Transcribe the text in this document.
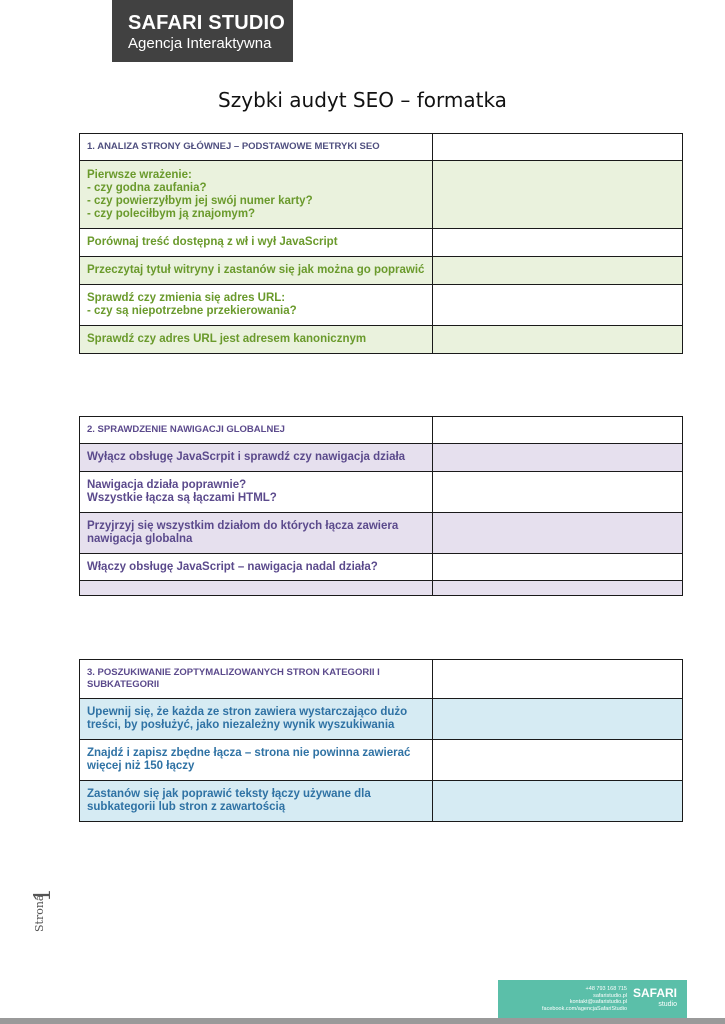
SAFARI STUDIO
Agencja Interaktywna
Szybki audyt SEO – formatka
1. ANALIZA STRONY GŁÓWNEJ – PODSTAWOWE METRYKI SEO	
Pierwsze wrażenie:
- czy godna zaufania?
- czy powierzyłbym jej swój numer karty?
- czy poleciłbym ją znajomym?	
Porównaj treść dostępną z wł i wył JavaScript	
Przeczytaj tytuł witryny i zastanów się jak można go poprawić	
Sprawdź czy zmienia się adres URL:
- czy są niepotrzebne przekierowania?	
Sprawdź czy adres URL jest adresem kanonicznym	
2. SPRAWDZENIE NAWIGACJI GLOBALNEJ	
Wyłącz obsługę JavaScrpit i sprawdź czy nawigacja działa	
Nawigacja działa poprawnie?
Wszystkie łącza są łączami HTML?	
Przyjrzyj się wszystkim działom do których łącza zawiera nawigacja globalna	
Włączy obsługę JavaScript – nawigacja nadal działa?	

3. POSZUKIWANIE ZOPTYMALIZOWANYCH STRON KATEGORII I SUBKATEGORII	
Upewnij się, że każda ze stron zawiera wystarczająco dużo treści, by posłużyć, jako niezależny wynik wyszukiwania	
Znajdź i zapisz zbędne łącza – strona nie powinna zawierać więcej niż 150 łączy	
Zastanów się jak poprawić teksty łączy używane dla subkategorii lub stron z zawartością	
Strona
1
+48 793 168 715
safaristudio.pl
kontakt@safaristudio.pl
facebook.com/agencjaSafariStudio
SAFARI
studio
